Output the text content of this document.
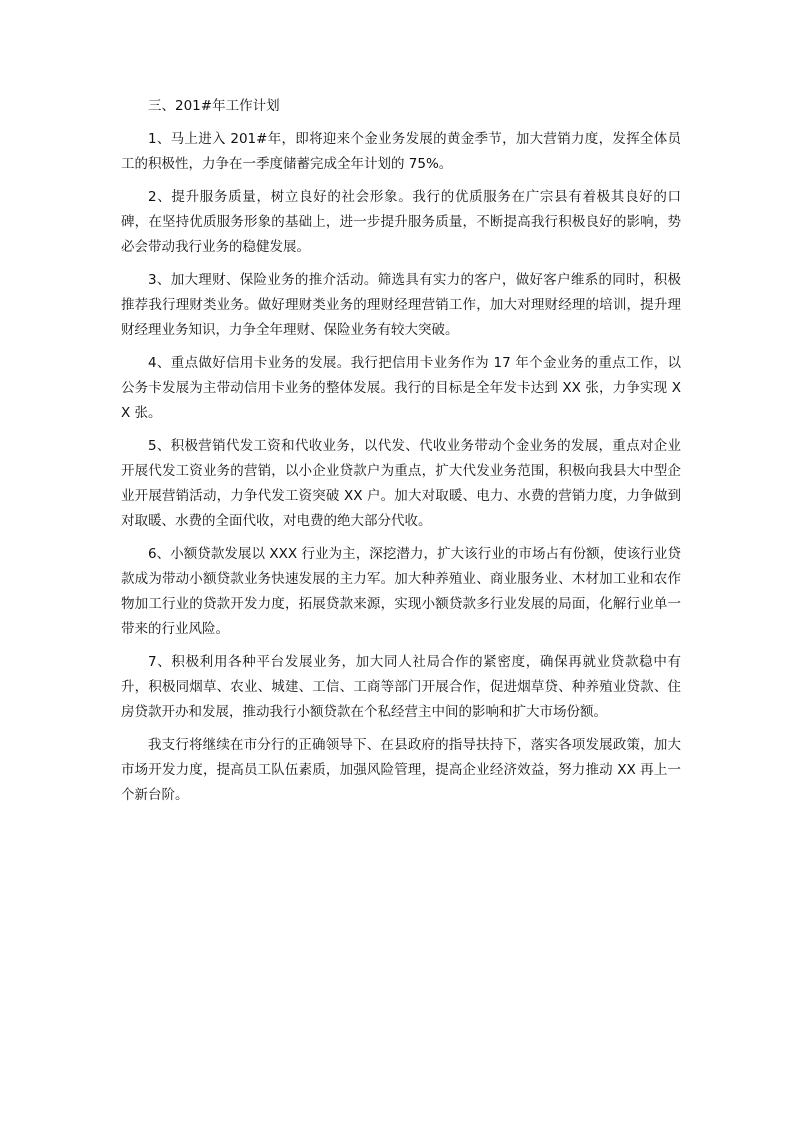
三、201#年工作计划

1、马上进入 201#年，即将迎来个金业务发展的黄金季节，加大营销力度，发挥全体员工的积极性，力争在一季度储蓄完成全年计划的 75%。

2、提升服务质量，树立良好的社会形象。我行的优质服务在广宗县有着极其良好的口碑，在坚持优质服务形象的基础上，进一步提升服务质量，不断提高我行积极良好的影响，势必会带动我行业务的稳健发展。

3、加大理财、保险业务的推介活动。筛选具有实力的客户，做好客户维系的同时，积极推荐我行理财类业务。做好理财类业务的理财经理营销工作，加大对理财经理的培训，提升理财经理业务知识，力争全年理财、保险业务有较大突破。

4、重点做好信用卡业务的发展。我行把信用卡业务作为 17 年个金业务的重点工作，以公务卡发展为主带动信用卡业务的整体发展。我行的目标是全年发卡达到 XX 张，力争实现 XX 张。

5、积极营销代发工资和代收业务，以代发、代收业务带动个金业务的发展，重点对企业开展代发工资业务的营销，以小企业贷款户为重点，扩大代发业务范围，积极向我县大中型企业开展营销活动，力争代发工资突破 XX 户。加大对取暖、电力、水费的营销力度，力争做到对取暖、水费的全面代收，对电费的绝大部分代收。

6、小额贷款发展以 XXX 行业为主，深挖潜力，扩大该行业的市场占有份额，使该行业贷款成为带动小额贷款业务快速发展的主力军。加大种养殖业、商业服务业、木材加工业和农作物加工行业的贷款开发力度，拓展贷款来源，实现小额贷款多行业发展的局面，化解行业单一带来的行业风险。

7、积极利用各种平台发展业务，加大同人社局合作的紧密度，确保再就业贷款稳中有升，积极同烟草、农业、城建、工信、工商等部门开展合作，促进烟草贷、种养殖业贷款、住房贷款开办和发展，推动我行小额贷款在个私经营主中间的影响和扩大市场份额。

我支行将继续在市分行的正确领导下、在县政府的指导扶持下，落实各项发展政策，加大市场开发力度，提高员工队伍素质，加强风险管理，提高企业经济效益，努力推动 XX 再上一个新台阶。
